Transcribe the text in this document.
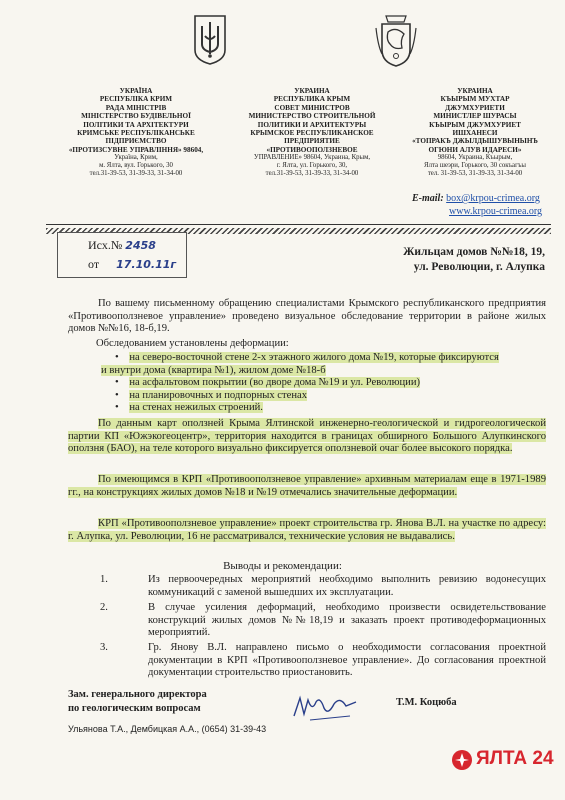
УКРАЇНА
РЕСПУБЛІКА КРИМ
РАДА МІНІСТРІВ
МІНІСТЕРСТВО БУДІВЕЛЬНОЇ
ПОЛІТИКИ ТА АРХІТЕКТУРИ
КРИМСЬКЕ РЕСПУБЛІКАНСЬКЕ
ПІДПРИЄМСТВО
«ПРОТИЗСУВНЕ УПРАВЛІННЯ» 98604,
Україна, Крим,
м. Ялта, вул. Горького, 30
тел.31-39-53, 31-39-33, 31-34-00
УКРАИНА
РЕСПУБЛИКА КРЫМ
СОВЕТ МИНИСТРОВ
МИНИСТЕРСТВО СТРОИТЕЛЬНОЙ
ПОЛИТИКИ И АРХИТЕКТУРЫ
КРЫМСКОЕ РЕСПУБЛИКАНСКОЕ
ПРЕДПРИЯТИЕ
«ПРОТИВООПОЛЗНЕВОЕ
УПРАВЛЕНИЕ» 98604, Украина, Крым,
г. Ялта, ул. Горького, 30,
тел.31-39-53, 31-39-33, 31-34-00
УКРАИНА
КЪЫРЫМ МУХТАР
ДЖУМХУРИЕТИ
МИНИСТЛЕР ШУРАСЫ
КЪЫРЫМ ДЖУМХУРИЕТ
ИШХАНЕСИ
«ТОПРАКЪ ДЖЫЛДЫШУВЫНЫНЪ
ОГЮНИ АЛУВ ИДАРЕСИ»
98604, Украина, Къырым,
Ялта шеэри, Горького, 30 сокъагъы
тел. 31-39-53, 31-39-33, 31-34-00
E-mail: box@krpou-crimea.org
www.krpou-crimea.org
Исх.№ 2458
от 17.10.11г
Жильцам домов №№18, 19,
ул. Революции, г. Алупка
По вашему письменному обращению специалистами Крымского республиканского предприятия «Противооползневое управление» проведено визуальное обследование территории в районе жилых домов №№16, 18-б,19.
Обследованием установлены деформации:
•    на северо-восточной стене 2-х этажного жилого дома №19, которые фиксируются
и внутри дома (квартира №1), жилом доме №18-б
•    на асфальтовом покрытии (во дворе дома №19 и ул. Революции)
•    на планировочных и подпорных стенах
•    на стенах нежилых строений.
По данным карт оползней Крыма Ялтинской инженерно-геологической и гидрогеологической партии КП «Южэкогеоцентр», территория находится в границах обширного Большого Алупкинского оползня (БАО), на теле которого визуально фиксируется оползневой очаг более высокого порядка.
По имеющимся в КРП «Противооползневое управление» архивным материалам еще в 1971-1989 гг., на конструкциях жилых домов №18 и №19 отмечались значительные деформации.
КРП «Противооползневое управление» проект строительства гр. Янова В.Л. на участке по адресу: г. Алупка, ул. Революции, 16 не рассматривался, технические условия не выдавались.
Выводы и рекомендации:
1.	Из первоочередных мероприятий необходимо выполнить ревизию водонесущих коммуникаций с заменой вышедших их эксплуатации.
2.	В случае усиления деформаций, необходимо произвести освидетельствование конструкций жилых домов №№18,19 и заказать проект противодеформационных мероприятий.
3.	Гр. Янову В.Л. направлено письмо о необходимости согласования проектной документации в КРП «Противооползневое управление». До согласования проектной документации строительство приостановить.
Зам. генерального директора
по геологическим вопросам
Т.М. Коцюба
Ульянова Т.А., Дембицкая А.А., (0654) 31-39-43
ЯЛТА 24
